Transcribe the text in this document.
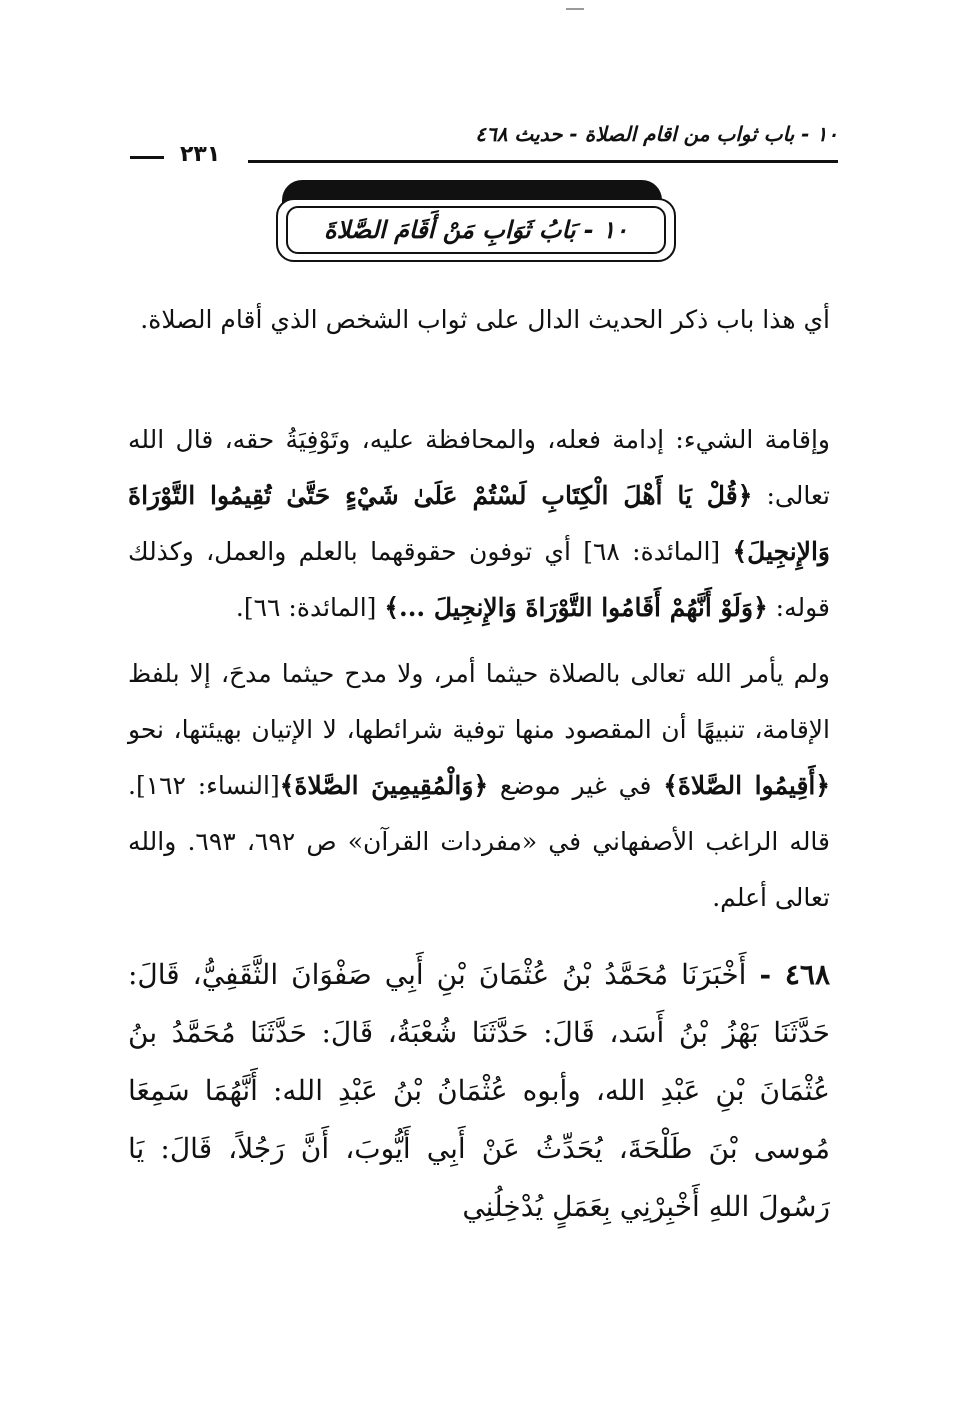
١٠ - باب ثواب من اقام الصلاة - حديث ٤٦٨
٢٣١
١٠ - بَابُ ثَوَابِ مَنْ أَقَامَ الصَّلاةَ

أي هذا باب ذكر الحديث الدال على ثواب الشخص الذي أقام الصلاة.

وإقامة الشيء: إدامة فعله، والمحافظة عليه، وتَوْفِيَةُ حقه، قال الله تعالى: ﴿قُلْ يَا أَهْلَ الْكِتَابِ لَسْتُمْ عَلَىٰ شَيْءٍ حَتَّىٰ تُقِيمُوا التَّوْرَاةَ وَالإِنجِيلَ﴾ [المائدة: ٦٨] أي توفون حقوقهما بالعلم والعمل، وكذلك قوله: ﴿وَلَوْ أَنَّهُمْ أَقَامُوا التَّوْرَاةَ وَالإِنجِيلَ ...﴾ [المائدة: ٦٦].

ولم يأمر الله تعالى بالصلاة حيثما أمر، ولا مدح حيثما مدحَ، إلا بلفظ الإقامة، تنبيهًا أن المقصود منها توفية شرائطها، لا الإتيان بهيئتها، نحو ﴿أَقِيمُوا الصَّلاةَ﴾ في غير موضع ﴿وَالْمُقِيمِينَ الصَّلاةَ﴾[النساء: ١٦٢]. قاله الراغب الأصفهاني في «مفردات القرآن» ص ٦٩٢، ٦٩٣. والله تعالى أعلم.

٤٦٨ - أَخْبَرَنَا مُحَمَّدُ بْنُ عُثْمَانَ بْنِ أَبِي صَفْوَانَ الثَّقَفِيُّ، قَالَ: حَدَّثَنَا بَهْزُ بْنُ أَسَد، قَالَ: حَدَّثَنَا شُعْبَةُ، قَالَ: حَدَّثَنَا مُحَمَّدُ بنُ عُثْمَانَ بْنِ عَبْدِ الله، وأبوه عُثْمَانُ بْنُ عَبْدِ الله: أَنَّهُمَا سَمِعَا مُوسى بْنَ طَلْحَةَ، يُحَدِّثُ عَنْ أَبِي أَيُّوبَ، أَنَّ رَجُلاً، قَالَ: يَا رَسُولَ اللهِ أَخْبِرْنِي بِعَمَلٍ يُدْخِلُنِي
